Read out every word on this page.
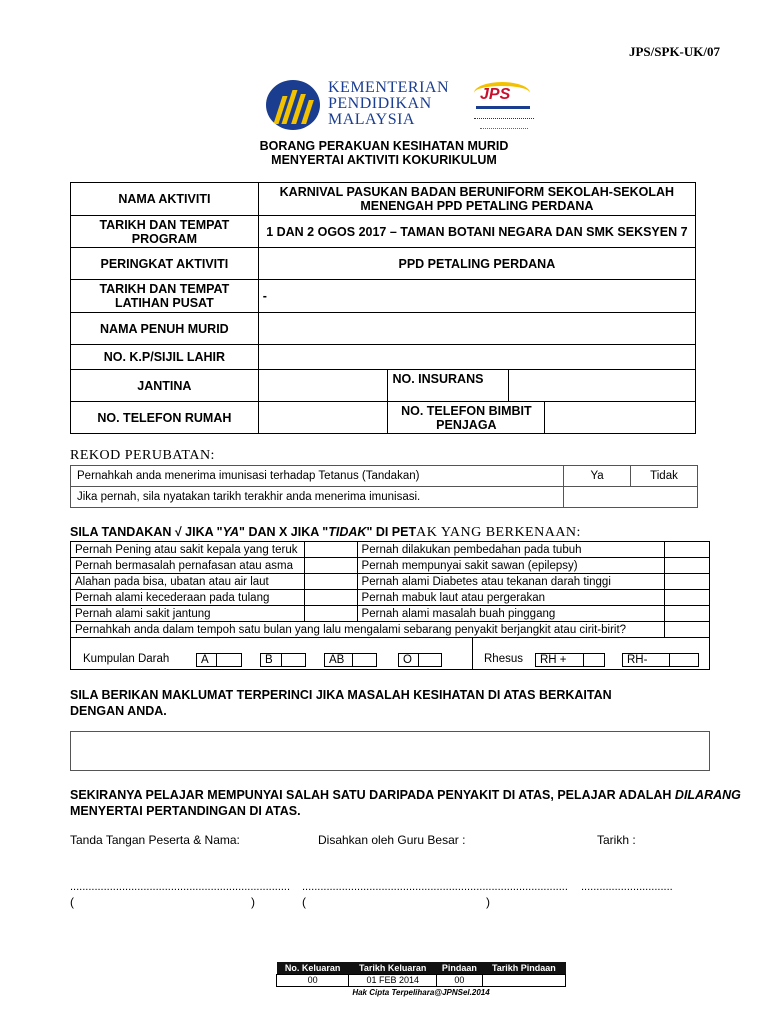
JPS/SPK-UK/07
KEMENTERIAN
PENDIDIKAN
MALAYSIA
JPS
BORANG PERAKUAN KESIHATAN MURID
MENYERTAI AKTIVITI KOKURIKULUM
NAMA AKTIVITI	KARNIVAL PASUKAN BADAN BERUNIFORM SEKOLAH-SEKOLAH MENENGAH PPD PETALING PERDANA			
TARIKH DAN TEMPAT PROGRAM	1 DAN 2 OGOS 2017 – TAMAN BOTANI NEGARA DAN SMK SEKSYEN 7			
PERINGKAT AKTIVITI	PPD PETALING PERDANA			
TARIKH DAN TEMPAT LATIHAN PUSAT	-			
NAMA PENUH MURID				
NO. K.P/SIJIL LAHIR				
JANTINA		NO. INSURANS		
NO. TELEFON RUMAH		NO. TELEFON BIMBIT PENJAGA		
REKOD PERUBATAN:
Pernahkah anda menerima imunisasi terhadap Tetanus (Tandakan)	Ya	Tidak
Jika pernah, sila nyatakan tarikh terakhir anda menerima imunisasi.		
SILA TANDAKAN √ JIKA "YA" DAN X JIKA "TIDAK" DI PETAK YANG BERKENAAN:
Pernah Pening atau sakit kepala yang teruk		Pernah dilakukan pembedahan pada tubuh	
Pernah bermasalah pernafasan atau asma		Pernah mempunyai sakit sawan (epilepsy)	
Alahan pada bisa, ubatan atau air laut		Pernah alami Diabetes atau tekanan darah tinggi	
Pernah alami kecederaan pada tulang		Pernah mabuk laut atau pergerakan	
Pernah alami sakit jantung		Pernah alami masalah buah pinggang	
Pernahkah anda dalam tempoh satu bulan yang lalu mengalami sebarang penyakit berjangkit atau cirit-birit?			
Kumpulan Darah	A	B	AB	O	Rhesus	RH +	RH-
SILA BERIKAN MAKLUMAT TERPERINCI JIKA MASALAH KESIHATAN DI ATAS BERKAITAN
DENGAN ANDA.
SEKIRANYA PELAJAR MEMPUNYAI SALAH SATU DARIPADA PENYAKIT DI ATAS, PELAJAR ADALAH DILARANG
MENYERTAI PERTANDINGAN DI ATAS.
Tanda Tangan Peserta & Nama:	Disahkan oleh Guru Besar :	Tarikh :
........................................................................ ....................................................................................... ..............................
(	)	(	)
No. Keluaran	Tarikh Keluaran	Pindaan	Tarikh Pindaan
00	01 FEB 2014	00	
Hak Cipta Terpelihara@JPNSel.2014
